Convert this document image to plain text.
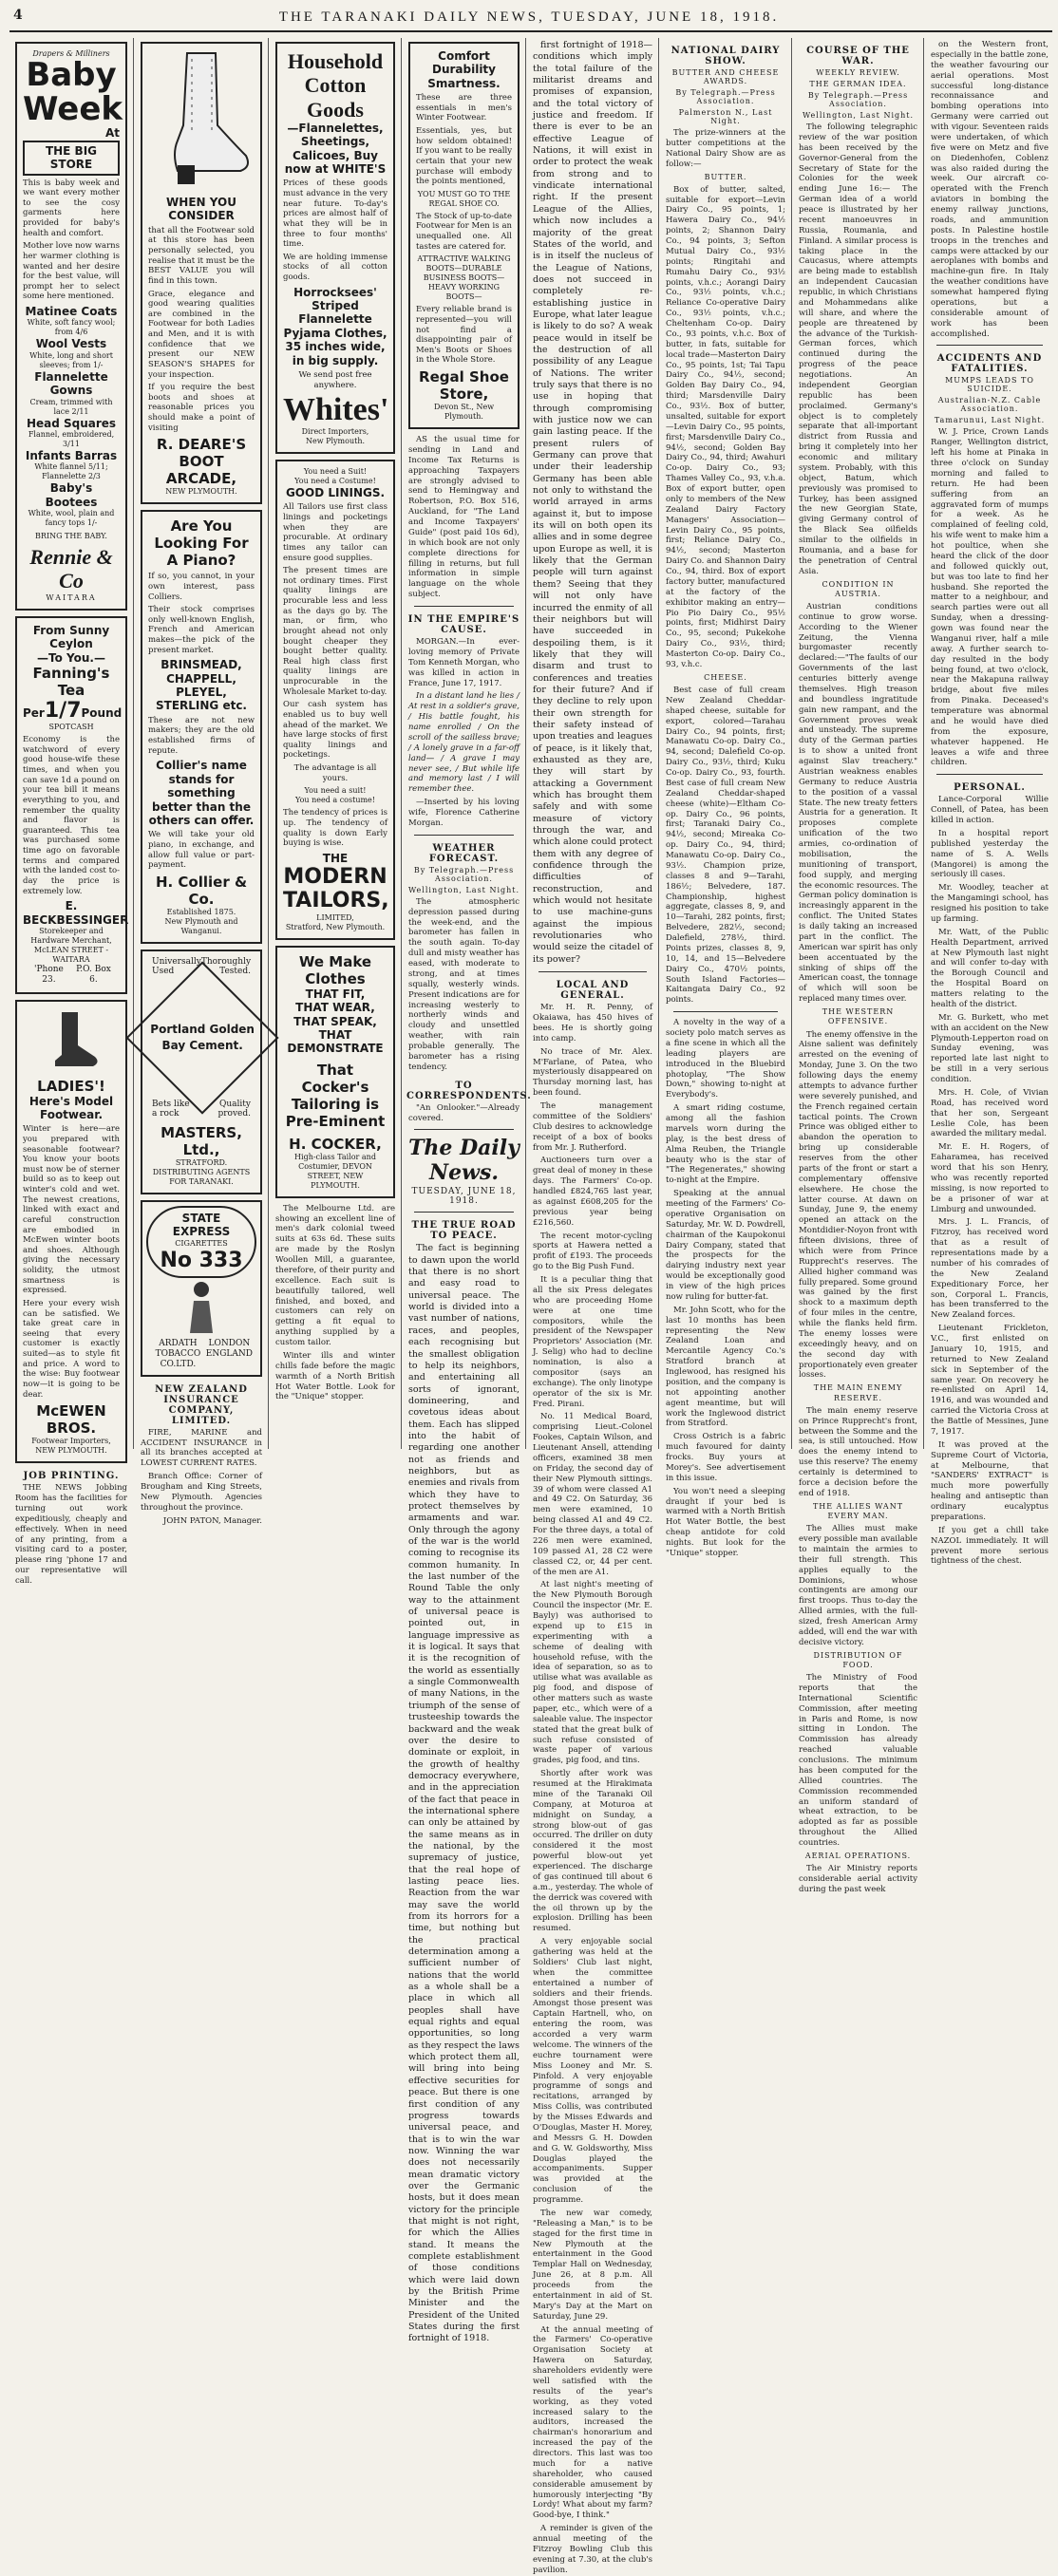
4	THE TARANAKI DAILY NEWS, TUESDAY, JUNE 18, 1918.
Drapers & Milliners
Baby
Week
At
THE BIG STORE

This is baby week and we want every mother to see the cosy garments here provided for baby's health and comfort.

Mother love now warns her warmer clothing is wanted and her desire for the best value, will prompt her to select some here mentioned.

Matinee Coats
White, soft fancy wool; from 4/6
Wool Vests
White, long and short sleeves; from 1/-
Flannelette Gowns
Cream, trimmed with lace 2/11
Head Squares
Flannel, embroidered, 3/11
Infants Barras
White flannel 5/11; Flannelette 2/3
Baby's Bootees
White, wool, plain and fancy tops 1/-
BRING THE BABY.
Rennie & Co
WAITARA
From Sunny Ceylon
—To You.—
Fanning's Tea
Per 1/7 Pound
SPOTCASH

Economy is the watchword of every good house-wife these times, and when you can save 1d a pound on your tea bill it means everything to you, and remember the quality and flavor is guaranteed. This tea was purchased some time ago on favorable terms and compared with the landed cost to-day the price is extremely low.

E. BECKBESSINGER
Storekeeper and Hardware Merchant,
McLEAN STREET - WAITARA
'Phone 23.
P.O. Box 6.
LADIES'!
Here's Model Footwear.

Winter is here—are you prepared with seasonable footwear? You know your boots must now be of sterner build so as to keep out winter's cold and wet. The newest creations, linked with exact and careful construction are embodied in McEwen winter boots and shoes. Although giving the necessary solidity, the utmost smartness is expressed.

Here your every wish can be satisfied. We take great care in seeing that every customer is exactly suited—as to style fit and price. A word to the wise: Buy footwear now—it is going to be dear.

McEWEN BROS.
Footwear Importers, NEW PLYMOUTH.
JOB PRINTING.

THE NEWS Jobbing Room has the facilities for turning out work expeditiously, cheaply and effectively. When in need of any printing, from a visiting card to a poster, please ring 'phone 17 and our representative will call.

WHEN YOU CONSIDER

that all the Footwear sold at this store has been personally selected, you realise that it must be the BEST VALUE you will find in this town.

Grace, elegance and good wearing qualities are combined in the Footwear for both Ladies and Men, and it is with confidence that we present our NEW SEASON'S SHAPES for your inspection.

If you require the best boots and shoes at reasonable prices you should make a point of visiting

R. DEARE'S BOOT ARCADE,
NEW PLYMOUTH.
Are You Looking For A Piano?

If so, you cannot, in your own interest, pass Colliers.

Their stock comprises only well-known English, French and American makes—the pick of the present market.

BRINSMEAD, CHAPPELL, PLEYEL, STERLING etc.

These are not new makers; they are the old established firms of repute.

Collier's name stands for something better than the others can offer.

We will take your old piano, in exchange, and allow full value or part-payment.

H. Collier & Co.
Established 1875.
New Plymouth and Wanganui.
Universally Thoroughly
Used	Tested.
Portland Golden Bay Cement.
Bets like	Quality
a rock	proved.
MASTERS, Ltd.,
STRATFORD.
DISTRIBUTING AGENTS FOR TARANAKI.
STATE EXPRESS
CIGARETTES
No 333
ARDATH TOBACCO CO.LTD.
LONDON ENGLAND
NEW ZEALAND INSURANCE COMPANY, LIMITED.

FIRE, MARINE and ACCIDENT INSURANCE in all its branches accepted at LOWEST CURRENT RATES.

Branch Office: Corner of Brougham and King Streets, New Plymouth. Agencies throughout the province.

JOHN PATON, Manager.

Household Cotton Goods
—Flannelettes, Sheetings, Calicoes, Buy now at WHITE'S

Prices of these goods must advance in the very near future. To-day's prices are almost half of what they will be in three to four months' time.

We are holding immense stocks of all cotton goods.

Horrocksees' Striped Flannelette Pyjama Clothes, 35 inches wide, in big supply.

We send post free anywhere.

Whites'
Direct Importers,
New Plymouth.
You need a Suit!
You need a Costume!
GOOD LININGS.

All Tailors use first class linings and pocketings when they are procurable. At ordinary times any tailor can ensure good supplies.

The present times are not ordinary times. First quality linings are procurable less and less as the days go by. The man, or firm, who brought ahead not only bought cheaper they bought better quality. Real high class first quality linings are unprocurable in the Wholesale Market to-day.

Our cash system has enabled us to buy well ahead of the market. We have large stocks of first quality linings and pocketings.

The advantage is all yours.

You need a suit!
You need a costume!

The tendency of prices is up. The tendency of quality is down Early buying is wise.

THE
MODERN TAILORS,
LIMITED,
Stratford, New Plymouth.
We Make Clothes
THAT FIT,
THAT WEAR,
THAT SPEAK,
THAT DEMONSTRATE
That Cocker's Tailoring is Pre-Eminent
H. COCKER,
High-class Tailor and Costumier, DEVON STREET, NEW PLYMOUTH.

The Melbourne Ltd. are showing an excellent line of men's dark colonial tweed suits at 63s 6d. These suits are made by the Roslyn Woollen Mill, a guarantee, therefore, of their purity and excellence. Each suit is beautifully tailored, well finished, and boxed, and customers can rely on getting a fit equal to anything supplied by a custom tailor.

Winter ills and winter chills fade before the magic warmth of a North British Hot Water Bottle. Look for the "Unique" stopper.

Comfort
Durability
Smartness.

These are three essentials in men's Winter Footwear.

Essentials, yes, but how seldom obtained! If you want to be really certain that your new purchase will embody the points mentioned,

YOU MUST GO TO THE REGAL SHOE CO.

The Stock of up-to-date Footwear for Men is an unequalled one. All tastes are catered for.

ATTRACTIVE WALKING BOOTS—DURABLE BUSINESS BOOTS—HEAVY WORKING BOOTS—

Every reliable brand is represented—you will not find a disappointing pair of Men's Boots or Shoes in the Whole Store.

Regal Shoe Store,
Devon St., New Plymouth.

AS the usual time for sending in Land and Income Tax Returns is approaching Taxpayers are strongly advised to send to Hemingway and Robertson, P.O. Box 516, Auckland, for "The Land and Income Taxpayers' Guide" (post paid 10s 6d), in which book are not only complete directions for filling in returns, but full information in simple language on the whole subject.

IN THE EMPIRE'S CAUSE.

MORGAN.—In ever-loving memory of Private Tom Kenneth Morgan, who was killed in action in France, June 17, 1917.

In a distant land he lies / At rest in a soldier's grave, / His battle fought, his name enrolled / On the scroll of the sailless brave; / A lonely grave in a far-off land— / A grave I may never see, / But while life and memory last / I will remember thee.

—Inserted by his loving wife, Florence Catherine Morgan.

WEATHER FORECAST.
By Telegraph.—Press Association.
Wellington, Last Night.

The atmospheric depression passed during the week-end, and the barometer has fallen in the south again. To-day dull and misty weather has eased, with moderate to strong, and at times squally, westerly winds. Present indications are for increasing westerly to northerly winds and cloudy and unsettled weather, with rain probable generally. The barometer has a rising tendency.

TO CORRESPONDENTS.

"An Onlooker."—Already covered.

The Daily News.
TUESDAY, JUNE 18, 1918.
THE TRUE ROAD TO PEACE.

The fact is beginning to dawn upon the world that there is no short and easy road to universal peace. The world is divided into a vast number of nations, races, and peoples, each recognising but the smallest obligation to help its neighbors, and entertaining all sorts of ignorant, domineering, and covetous ideas about them. Each has slipped into the habit of regarding one another not as friends and neighbors, but as enemies and rivals from which they have to protect themselves by armaments and war. Only through the agony of the war is the world coming to recognise its common humanity. In the last number of the Round Table the only way to the attainment of universal peace is pointed out, in language impressive as it is logical. It says that it is the recognition of the world as essentially a single Commonwealth of many Nations, in the triumph of the sense of trusteeship towards the backward and the weak over the desire to dominate or exploit, in the growth of healthy democracy everywhere, and in the appreciation of the fact that peace in the international sphere can only be attained by the same means as in the national, by the supremacy of justice, that the real hope of lasting peace lies. Reaction from the war may save the world from its horrors for a time, but nothing but the practical determination among a sufficient number of nations that the world as a whole shall be a place in which all peoples shall have equal rights and equal opportunities, so long as they respect the laws which protect them all, will bring into being effective securities for peace. But there is one first condition of any progress towards universal peace, and that is to win the war now. Winning the war does not necessarily mean dramatic victory over the Germanic hosts, but it does mean victory for the principle that might is not right, for which the Allies stand. It means the complete establishment of those conditions which were laid down by the British Prime Minister and the President of the United States during the first fortnight of 1918.

first fortnight of 1918—conditions which imply the total failure of the militarist dreams and promises of expansion, and the total victory of justice and freedom. If there is ever to be an effective League of Nations, it will exist in order to protect the weak from strong and to vindicate international right. If the present League of the Allies, which now includes a majority of the great States of the world, and is in itself the nucleus of the League of Nations, does not succeed in completely re-establishing justice in Europe, what later league is likely to do so? A weak peace would in itself be the destruction of all possibility of any League of Nations. The writer truly says that there is no use in hoping that through compromising with justice now we can gain lasting peace. If the present rulers of Germany can prove that under their leadership Germany has been able not only to withstand the world arrayed in arms against it, but to impose its will on both open its allies and in some degree upon Europe as well, it is likely that the German people will turn against them? Seeing that they will not only have incurred the enmity of all their neighbors but will have succeeded in despoiling them, is it likely that they will disarm and trust to conferences and treaties for their future? And if they decline to rely upon their own strength for their safety instead of upon treaties and leagues of peace, is it likely that, exhausted as they are, they will start by attacking a Government which has brought them safely and with some measure of victory through the war, and which alone could protect them with any degree of confidence through the difficulties of reconstruction, and which would not hesitate to use machine-guns against the impious revolutionaries who would seize the citadel of its power?

LOCAL AND GENERAL.

Mr. H. R. Penny, of Okaiawa, has 450 hives of bees. He is shortly going into camp.

No trace of Mr. Alex. M'Farlane, of Patea, who mysteriously disappeared on Thursday morning last, has been found.

The management committee of the Soldiers' Club desires to acknowledge receipt of a box of books from Mr. J. Rutherford.

Auctioneers turn over a great deal of money in these days. The Farmers' Co-op. handled £824,765 last year, as against £608,205 for the previous year being £216,560.

The recent motor-cycling sports at Hawera netted a profit of £193. The proceeds go to the Big Push Fund.

It is a peculiar thing that all the six Press delegates who are proceeding Home were at one time compositors, while the president of the Newspaper Proprietors' Association (Mr. J. Selig) who had to decline nomination, is also a compositor (says an exchange). The only linotype operator of the six is Mr. Fred. Pirani.

No. 11 Medical Board, comprising Lieut.-Colonel Fookes, Captain Wilson, and Lieutenant Ansell, attending officers, examined 38 men on Friday, the second day of their New Plymouth sittings. 39 of whom were classed A1 and 49 C2. On Saturday, 36 men were examined, 10 being classed A1 and 49 C2. For the three days, a total of 226 men were examined, 109 passed A1, 28 C2 were classed C2, or, 44 per cent. of the men are A1.

At last night's meeting of the New Plymouth Borough Council the inspector (Mr. E. Bayly) was authorised to expend up to £15 in experimenting with a scheme of dealing with household refuse, with the idea of separation, so as to utilise what was available as pig food, and dispose of other matters such as waste paper, etc., which were of a saleable value. The inspector stated that the great bulk of such refuse consisted of waste paper of various grades, pig food, and tins.

Shortly after work was resumed at the Hirakimata mine of the Taranaki Oil Company, at Moturoa at midnight on Sunday, a strong blow-out of gas occurred. The driller on duty considered it the most powerful blow-out yet experienced. The discharge of gas continued till about 6 a.m., yesterday. The whole of the derrick was covered with the oil thrown up by the explosion. Drilling has been resumed.

A very enjoyable social gathering was held at the Soldiers' Club last night, when the committee entertained a number of soldiers and their friends. Amongst those present was Captain Hartnell, who, on entering the room, was accorded a very warm welcome. The winners of the euchre tournament were Miss Looney and Mr. S. Pinfold. A very enjoyable programme of songs and recitations, arranged by Miss Collis, was contributed by the Misses Edwards and O'Douglas, Master H. Morey, and Messrs G. H. Dowden and G. W. Goldsworthy, Miss Douglas played the accompaniments. Supper was provided at the conclusion of the programme.

The new war comedy, "Releasing a Man," is to be staged for the first time in New Plymouth at the entertainment in the Good Templar Hall on Wednesday, June 26, at 8 p.m. All proceeds from the entertainment in aid of St. Mary's Day at the Mart on Saturday, June 29.

At the annual meeting of the Farmers' Co-operative Organisation Society at Hawera on Saturday, shareholders evidently were well satisfied with the results of the year's working, as they voted increased salary to the auditors, increased the chairman's honorarium and increased the pay of the directors. This last was too much for a native shareholder, who caused considerable amusement by humorously interjecting "By Lordy! What about my farm? Good-bye, I think."

A reminder is given of the annual meeting of the Fitzroy Bowling Club this evening at 7.30, at the club's pavilion.

NATIONAL DAIRY SHOW.
BUTTER AND CHEESE AWARDS.
By Telegraph.—Press Association.
Palmerston N., Last Night.

The prize-winners at the butter competitions at the National Dairy Show are as follow:—

BUTTER.

Box of butter, salted, suitable for export—Levin Dairy Co., 95 points, 1; Hawera Dairy Co., 94½ points, 2; Shannon Dairy Co., 94 points, 3; Sefton Mutual Dairy Co., 93½ points; Ringitahi and Rumahu Dairy Co., 93½ points, v.h.c.; Aorangi Dairy Co., 93½ points, v.h.c.; Reliance Co-operative Dairy Co., 93½ points, v.h.c.; Cheltenham Co-op. Dairy Co., 93 points, v.h.c. Box of butter, in fats, suitable for local trade—Masterton Dairy Co., 95 points, 1st; Tai Tapu Dairy Co., 94½, second; Golden Bay Dairy Co., 94, third; Marsdenville Dairy Co., 93½. Box of butter, unsalted, suitable for export—Levin Dairy Co., 95 points, first; Marsdenville Dairy Co., 94½, second; Golden Bay Dairy Co., 94, third; Awahuri Co-op. Dairy Co., 93; Thames Valley Co., 93, v.h.a. Box of export butter, open only to members of the New Zealand Dairy Factory Managers' Association—Levin Dairy Co., 95 points, first; Reliance Dairy Co., 94½, second; Masterton Dairy Co. and Shannon Dairy Co., 94, third. Box of export factory butter, manufactured at the factory of the exhibitor making an entry—Pio Pio Dairy Co., 95½ points, first; Midhirst Dairy Co., 95, second; Pukekohe Dairy Co., 93½, third; Masterton Co-op. Dairy Co., 93, v.h.c.

CHEESE.

Best case of full cream New Zealand Cheddar-shaped cheese, suitable for export, colored—Tarahau Dairy Co., 94 points, first; Manawatu Co-op. Dairy Co., 94, second; Dalefield Co-op. Dairy Co., 93½, third; Kuku Co-op. Dairy Co., 93, fourth. Best case of full cream New Zealand Cheddar-shaped cheese (white)—Eltham Co-op. Dairy Co., 96 points, first; Taranaki Dairy Co., 94½, second; Mireaka Co-op. Dairy Co., 94, third; Manawatu Co-op. Dairy Co., 93½. Champion prize, classes 8 and 9—Tarahi, 186½; Belvedere, 187. Championship, highest aggregate, classes 8, 9, and 10—Tarahi, 282 points, first; Belvedere, 282½, second; Dalefield, 278½, third. Points prizes, classes 8, 9, 10, 14, and 15—Belvedere Dairy Co., 470½ points, South Island Factories—Kaitangata Dairy Co., 92 points.

A novelty in the way of a society polo match serves as a fine scene in which all the leading players are introduced in the Bluebird photoplay, "The Show Down," showing to-night at Everybody's.

A smart riding costume, among all the fashion marvels worn during the play, is the best dress of Alma Reuben, the Triangle beauty who is the star of "The Regenerates," showing to-night at the Empire.

Speaking at the annual meeting of the Farmers' Co-operative Organisation on Saturday, Mr. W. D. Powdrell, chairman of the Kaupokonui Dairy Company, stated that the prospects for the dairying industry next year would be exceptionally good in view of the high prices now ruling for butter-fat.

Mr. John Scott, who for the last 10 months has been representing the New Zealand Loan and Mercantile Agency Co.'s Stratford branch at Inglewood, has resigned his position, and the company is not appointing another agent meantime, but will work the Inglewood district from Stratford.

Cross Ostrich is a fabric much favoured for dainty frocks. Buy yours at Morey's. See advertisement in this issue.

You won't need a sleeping draught if your bed is warmed with a North British Hot Water Bottle, the best cheap antidote for cold nights. But look for the "Unique" stopper.

COURSE OF THE WAR.
WEEKLY REVIEW.
THE GERMAN IDEA.
By Telegraph.—Press Association.
Wellington, Last Night.

The following telegraphic review of the war position has been received by the Governor-General from the Secretary of State for the Colonies for the week ending June 16:— The German idea of a world peace is illustrated by her recent manoeuvres in Russia, Roumania, and Finland. A similar process is taking place in the Caucasus, where attempts are being made to establish an independent Caucasian republic, in which Christians and Mohammedans alike will share, and where the people are threatened by the advance of the Turkish-German forces, which continued during the progress of the peace negotiations. An independent Georgian republic has been proclaimed. Germany's object is to completely separate that all-important district from Russia and bring it completely into her economic and military system. Probably, with this object, Batum, which previously was promised to Turkey, has been assigned the new Georgian State, giving Germany control of the Black Sea oilfields similar to the oilfields in Roumania, and a base for the penetration of Central Asia.

CONDITION IN AUSTRIA.

Austrian conditions continue to grow worse. According to the Wiener Zeitung, the Vienna burgomaster recently declared:—"The faults of our Governments of the last centuries bitterly avenge themselves. High treason and boundless ingratitude gain new rampant, and the Government proves weak and unsteady. The supreme duty of the German parties is to show a united front against Slav treachery." Austrian weakness enables Germany to reduce Austria to the position of a vassal State. The new treaty fetters Austria for a generation. It proposes complete unification of the two armies, co-ordination of mobilisation, the munitioning of transport, food supply, and merging the economic resources. The German policy domination is increasingly apparent in the conflict. The United States is daily taking an increased part in the conflict. The American war spirit has only been accentuated by the sinking of ships off the American coast, the tonnage of which will soon be replaced many times over.

THE WESTERN OFFENSIVE.

The enemy offensive in the Aisne salient was definitely arrested on the evening of Monday, June 3. On the two following days the enemy attempts to advance further were severely punished, and the French regained certain tactical points. The Crown Prince was obliged either to abandon the operation to bring up considerable reserves from the other parts of the front or start a complementary offensive elsewhere. He chose the latter course. At dawn on Sunday, June 9, the enemy opened an attack on the Montdidier-Noyon front with fifteen divisions, three of which were from Prince Rupprecht's reserves. The Allied higher command was fully prepared. Some ground was gained by the first shock to a maximum depth of four miles in the centre, while the flanks held firm. The enemy losses were exceedingly heavy, and on the second day with proportionately even greater losses.

THE MAIN ENEMY RESERVE.

The main enemy reserve on Prince Rupprecht's front, between the Somme and the sea, is still untouched. How does the enemy intend to use this reserve? The enemy certainly is determined to force a decision before the end of 1918.

THE ALLIES WANT EVERY MAN.

The Allies must make every possible man available to maintain the armies to their full strength. This applies equally to the Dominions, whose contingents are among our first troops. Thus to-day the Allied armies, with the full-sized, fresh American Army added, will end the war with decisive victory.

DISTRIBUTION OF FOOD.

The Ministry of Food reports that the International Scientific Commission, after meeting in Paris and Rome, is now sitting in London. The Commission has already reached valuable conclusions. The minimum has been computed for the Allied countries. The Commission recommended an uniform standard of wheat extraction, to be adopted as far as possible throughout the Allied countries.

AERIAL OPERATIONS.

The Air Ministry reports considerable aerial activity during the past week

on the Western front, especially in the battle zone, the weather favouring our aerial operations. Most successful long-distance reconnaissance and bombing operations into Germany were carried out with vigour. Seventeen raids were undertaken, of which five were on Metz and five on Diedenhofen, Coblenz was also raided during the week. Our aircraft co-operated with the French aviators in bombing the enemy railway junctions, roads, and ammunition posts. In Palestine hostile troops in the trenches and camps were attacked by our aeroplanes with bombs and machine-gun fire. In Italy the weather conditions have somewhat hampered flying operations, but a considerable amount of work has been accomplished.

ACCIDENTS AND FATALITIES.
MUMPS LEADS TO SUICIDE.
Australian-N.Z. Cable Association.
Tamarunui, Last Night.

W. J. Price, Crown Lands Ranger, Wellington district, left his home at Pinaka in three o'clock on Sunday morning and failed to return. He had been suffering from an aggravated form of mumps for a week. As he complained of feeling cold, his wife went to make him a hot poultice, when she heard the click of the door and followed quickly out, but was too late to find her husband. She reported the matter to a neighbour, and search parties were out all Sunday, when a dressing-gown was found near the Wanganui river, half a mile away. A further search to-day resulted in the body being found, at two o'clock, near the Makapuna railway bridge, about five miles from Pinaka. Deceased's temperature was abnormal and he would have died from the exposure, whatever happened. He leaves a wife and three children.

PERSONAL.

Lance-Corporal Willie Connell, of Patea, has been killed in action.

In a hospital report published yesterday the name of S. A. Wells (Mangorei) is among the seriously ill cases.

Mr. Woodley, teacher at the Mangamingi school, has resigned his position to take up farming.

Mr. Watt, of the Public Health Department, arrived at New Plymouth last night and will confer to-day with the Borough Council and the Hospital Board on matters relating to the health of the district.

Mr. G. Burkett, who met with an accident on the New Plymouth-Lepperton road on Sunday evening, was reported late last night to be still in a very serious condition.

Mrs. H. Cole, of Vivian Road, has received word that her son, Sergeant Leslie Cole, has been awarded the military medal.

Mr. E. H. Rogers, of Eaharamea, has received word that his son Henry, who was recently reported missing, is now reported to be a prisoner of war at Limburg and unwounded.

Mrs. J. L. Francis, of Fitzroy, has received word that as a result of representations made by a number of his comrades of the New Zealand Expeditionary Force, her son, Corporal L. Francis, has been transferred to the New Zealand forces.

Lieutenant Frickleton, V.C., first enlisted on January 10, 1915, and returned to New Zealand sick in September of the same year. On recovery he re-enlisted on April 14, 1916, and was wounded and carried the Victoria Cross at the Battle of Messines, June 7, 1917.

It was proved at the Supreme Court of Victoria, at Melbourne, that "SANDERS' EXTRACT" is much more powerfully healing and antiseptic than ordinary eucalyptus preparations.

If you get a chill take NAZOL immediately. It will prevent more serious tightness of the chest.
